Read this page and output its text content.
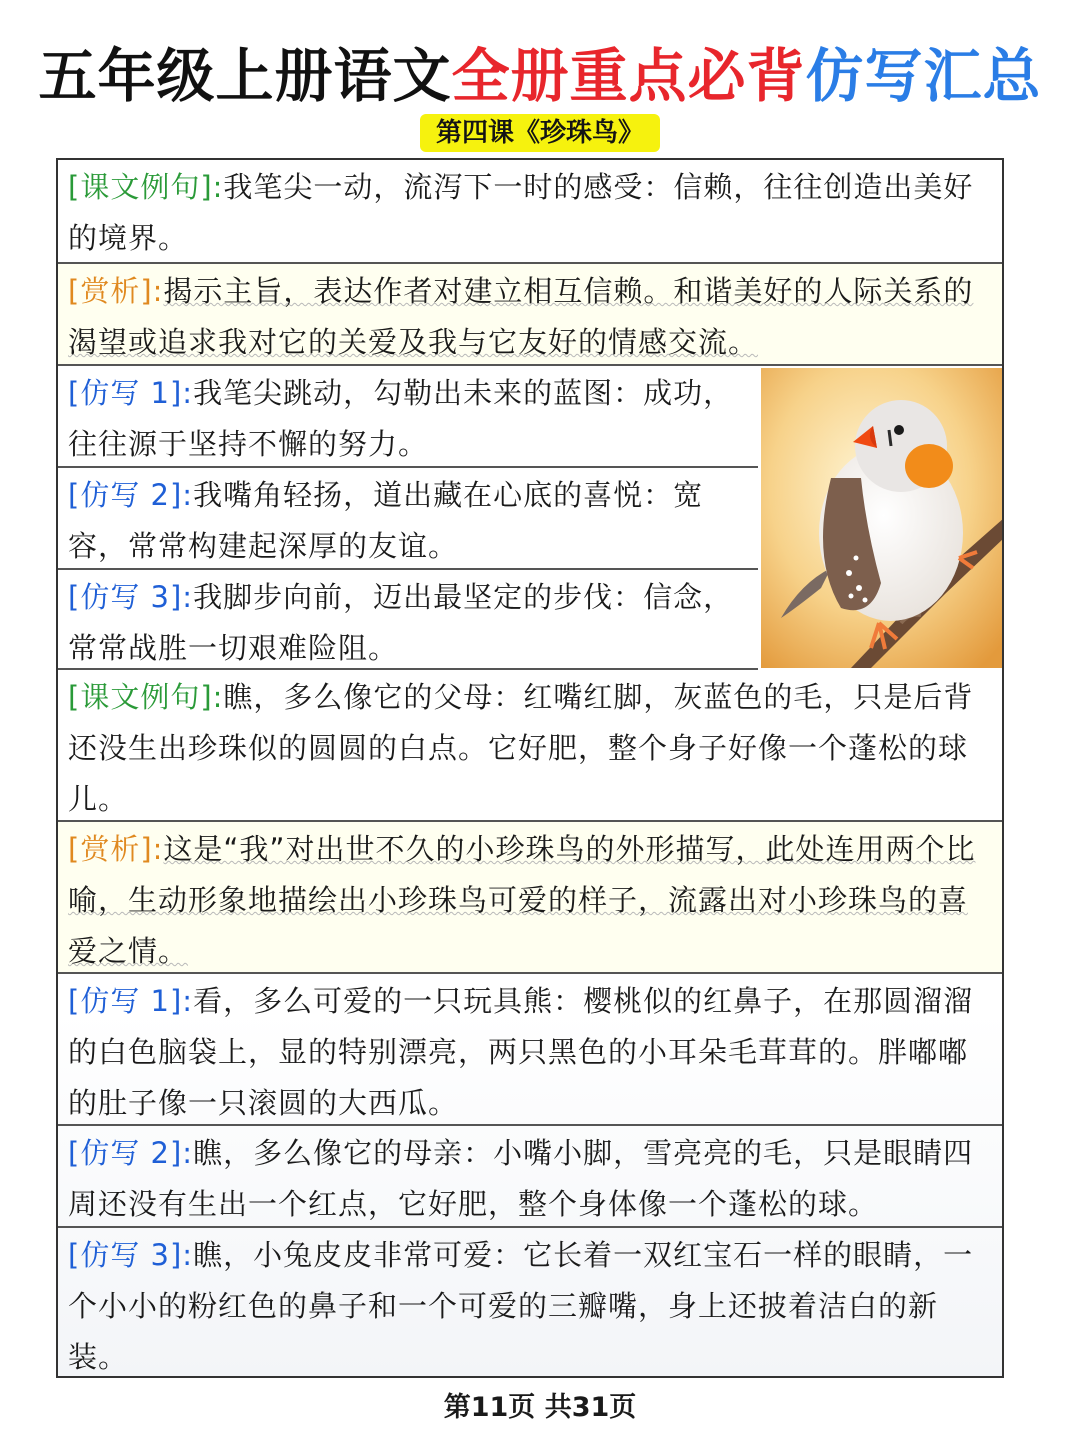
五年级上册语文全册重点必背仿写汇总
第四课《珍珠鸟》
[课文例句]:我笔尖一动，流泻下一时的感受：信赖，往往创造出美好的境界。
[赏析]:揭示主旨，表达作者对建立相互信赖。和谐美好的人际关系的渴望或追求我对它的关爱及我与它友好的情感交流。
[仿写 1]:我笔尖跳动，勾勒出未来的蓝图：成功，往往源于坚持不懈的努力。
[仿写 2]:我嘴角轻扬，道出藏在心底的喜悦：宽容，常常构建起深厚的友谊。
[仿写 3]:我脚步向前，迈出最坚定的步伐：信念，常常战胜一切艰难险阻。
[课文例句]:瞧，多么像它的父母：红嘴红脚，灰蓝色的毛，只是后背还没生出珍珠似的圆圆的白点。它好肥，整个身子好像一个蓬松的球儿。
[赏析]:这是“我”对出世不久的小珍珠鸟的外形描写，此处连用两个比喻，生动形象地描绘出小珍珠鸟可爱的样子，流露出对小珍珠鸟的喜爱之情。
[仿写 1]:看，多么可爱的一只玩具熊：樱桃似的红鼻子，在那圆溜溜的白色脑袋上，显的特别漂亮，两只黑色的小耳朵毛茸茸的。胖嘟嘟的肚子像一只滚圆的大西瓜。
[仿写 2]:瞧，多么像它的母亲：小嘴小脚，雪亮亮的毛，只是眼睛四周还没有生出一个红点，它好肥，整个身体像一个蓬松的球。
[仿写 3]:瞧，小兔皮皮非常可爱：它长着一双红宝石一样的眼睛，一个小小的粉红色的鼻子和一个可爱的三瓣嘴，身上还披着洁白的新装。
第11页 共31页
